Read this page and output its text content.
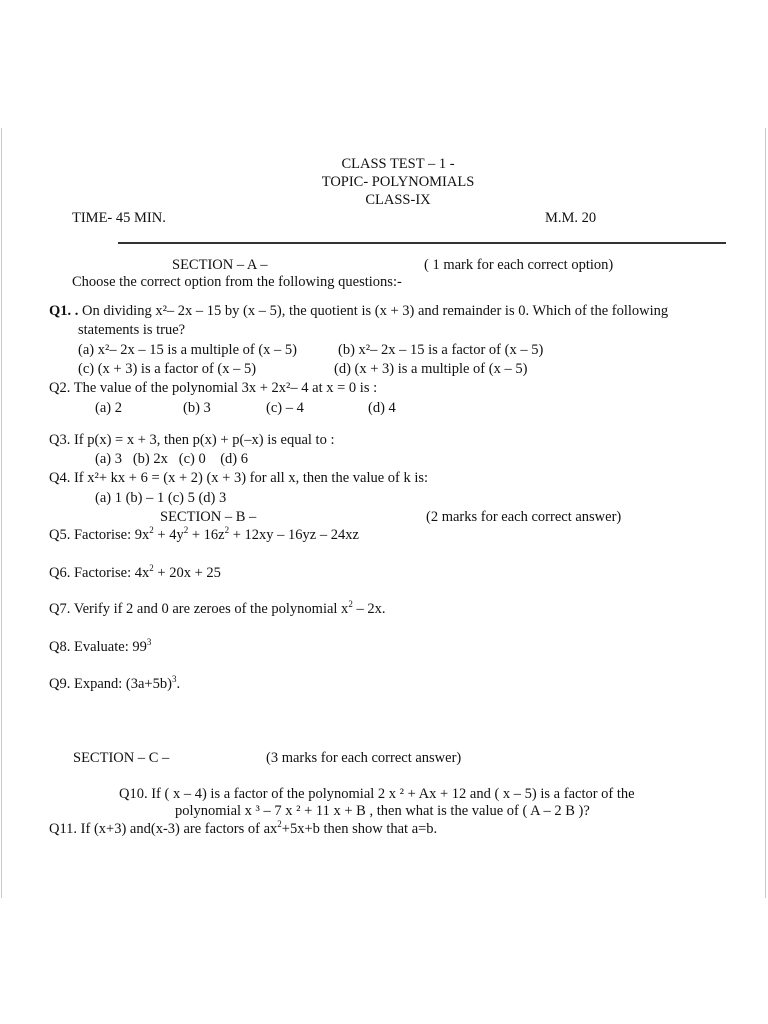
CLASS TEST – 1 -
TOPIC- POLYNOMIALS
CLASS-IX
TIME- 45 MIN.	M.M. 20
SECTION – A –	( 1 mark for each correct option)
Choose the correct option from the following questions:-
Q1. . On dividing x²– 2x – 15 by (x – 5), the quotient is (x + 3) and remainder is 0. Which of the following
statements is true?
(a) x²– 2x – 15 is a multiple of (x – 5)	(b) x²– 2x – 15 is a factor of (x – 5)
(c) (x + 3) is a factor of (x – 5)	(d) (x + 3) is a multiple of (x – 5)
Q2. The value of the polynomial 3x + 2x²– 4 at x = 0 is :
(a) 2	(b) 3	(c) – 4	(d) 4
Q3. If p(x) = x + 3, then p(x) + p(–x) is equal to :
(a) 3   (b) 2x   (c) 0    (d) 6
Q4. If x²+ kx + 6 = (x + 2) (x + 3) for all x, then the value of k is:
(a) 1 (b) – 1 (c) 5 (d) 3
SECTION – B –	(2 marks for each correct answer)
Q5. Factorise: $9x^2 + 4y^2 + 16z^2 + 12xy - 16yz - 24xz$
Q6. Factorise: $4x^2 + 20x + 25$
Q7. Verify if 2 and 0 are zeroes of the polynomial $x^2 - 2x$.
Q8. Evaluate: $99^3$
Q9. Expand: $(3a+5b)^3$.
SECTION – C –	(3 marks for each correct answer)
Q10. If ( x – 4) is a factor of the polynomial 2 x ² + Ax + 12 and ( x – 5) is a factor of the
polynomial x ³ – 7 x ² + 11 x + B , then what is the value of ( A – 2 B )?
Q11. If (x+3) and(x-3) are factors of $ax^2+5x+b$ then show that a=b.
